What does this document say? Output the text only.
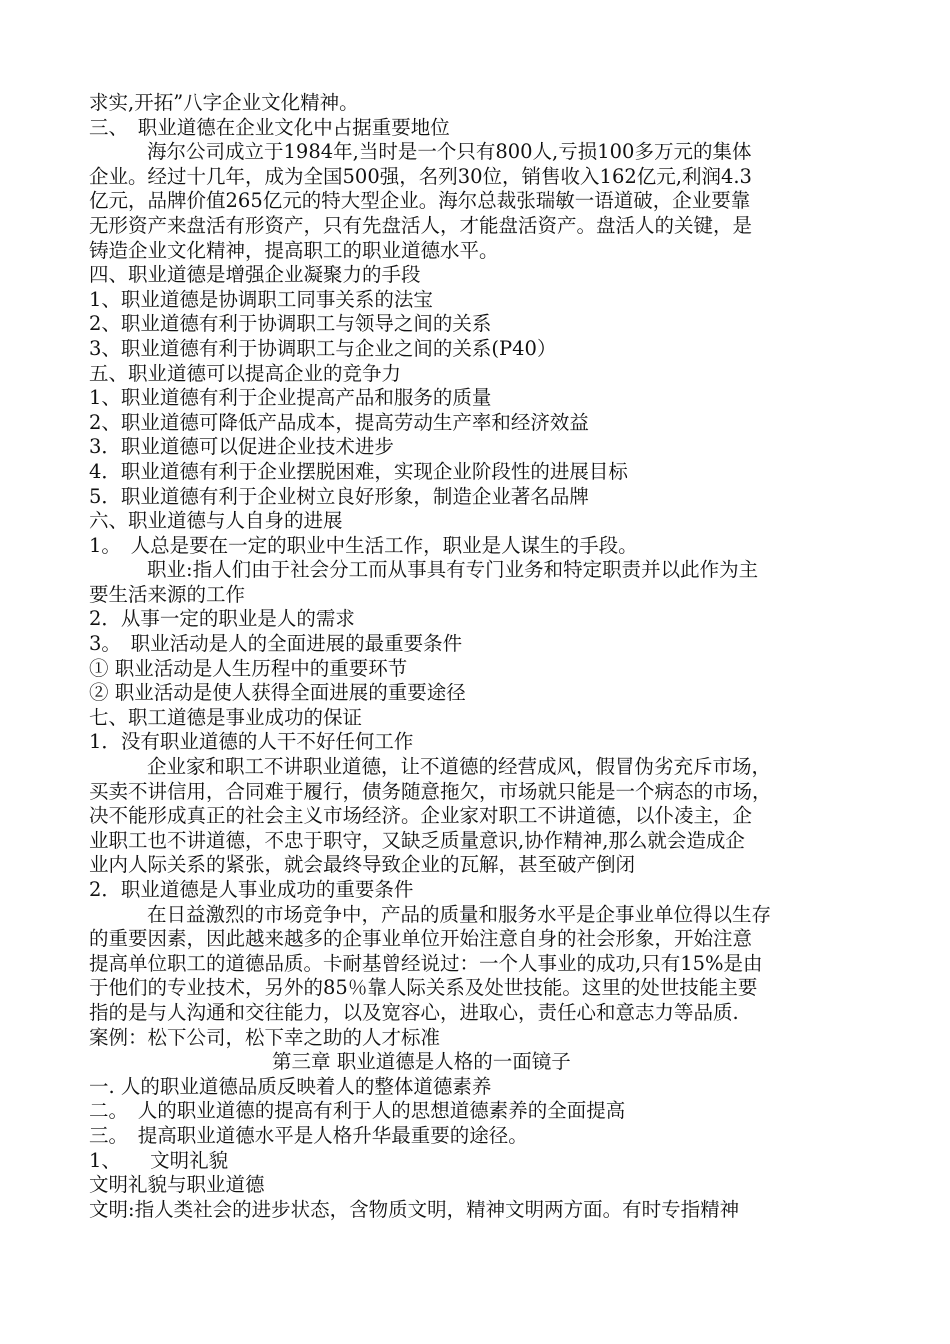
求实,开拓”八字企业文化精神。
三、　职业道德在企业文化中占据重要地位
海尔公司成立于1984年,当时是一个只有800人,亏损100多万元的集体
企业。经过十几年，成为全国500强，名列30位，销售收入162亿元,利润4.3
亿元，品牌价值265亿元的特大型企业。海尔总裁张瑞敏一语道破，企业要靠
无形资产来盘活有形资产，只有先盘活人，才能盘活资产。盘活人的关键，是
铸造企业文化精神，提高职工的职业道德水平。
四、职业道德是增强企业凝聚力的手段
1、职业道德是协调职工同事关系的法宝
2、职业道德有利于协调职工与领导之间的关系
3、职业道德有利于协调职工与企业之间的关系(P40）
五、职业道德可以提高企业的竞争力
1、职业道德有利于企业提高产品和服务的质量
2、职业道德可降低产品成本，提高劳动生产率和经济效益
3．职业道德可以促进企业技术进步
4．职业道德有利于企业摆脱困难，实现企业阶段性的进展目标
5．职业道德有利于企业树立良好形象，制造企业著名品牌
六、职业道德与人自身的进展
1。　人总是要在一定的职业中生活工作，职业是人谋生的手段。
职业:指人们由于社会分工而从事具有专门业务和特定职责并以此作为主
要生活来源的工作
2．从事一定的职业是人的需求
3。　职业活动是人的全面进展的最重要条件
① 职业活动是人生历程中的重要环节
② 职业活动是使人获得全面进展的重要途径
七、职工道德是事业成功的保证
1．没有职业道德的人干不好任何工作
企业家和职工不讲职业道德，让不道德的经营成风，假冒伪劣充斥市场，
买卖不讲信用，合同难于履行，债务随意拖欠，市场就只能是一个病态的市场，
决不能形成真正的社会主义市场经济。企业家对职工不讲道德，以仆凌主，企
业职工也不讲道德，不忠于职守，又缺乏质量意识,协作精神,那么就会造成企
业内人际关系的紧张，就会最终导致企业的瓦解，甚至破产倒闭
2．职业道德是人事业成功的重要条件
在日益激烈的市场竞争中，产品的质量和服务水平是企事业单位得以生存
的重要因素，因此越来越多的企事业单位开始注意自身的社会形象，开始注意
提高单位职工的道德品质。卡耐基曾经说过：一个人事业的成功,只有15%是由
于他们的专业技术，另外的85％靠人际关系及处世技能。这里的处世技能主要
指的是与人沟通和交往能力，以及宽容心，进取心，责任心和意志力等品质.
案例：松下公司，松下幸之助的人才标准
第三章 职业道德是人格的一面镜子
一. 人的职业道德品质反映着人的整体道德素养
二。　人的职业道德的提高有利于人的思想道德素养的全面提高
三。　提高职业道德水平是人格升华最重要的途径。
1、　　文明礼貌
文明礼貌与职业道德
文明:指人类社会的进步状态，含物质文明，精神文明两方面。有时专指精神
